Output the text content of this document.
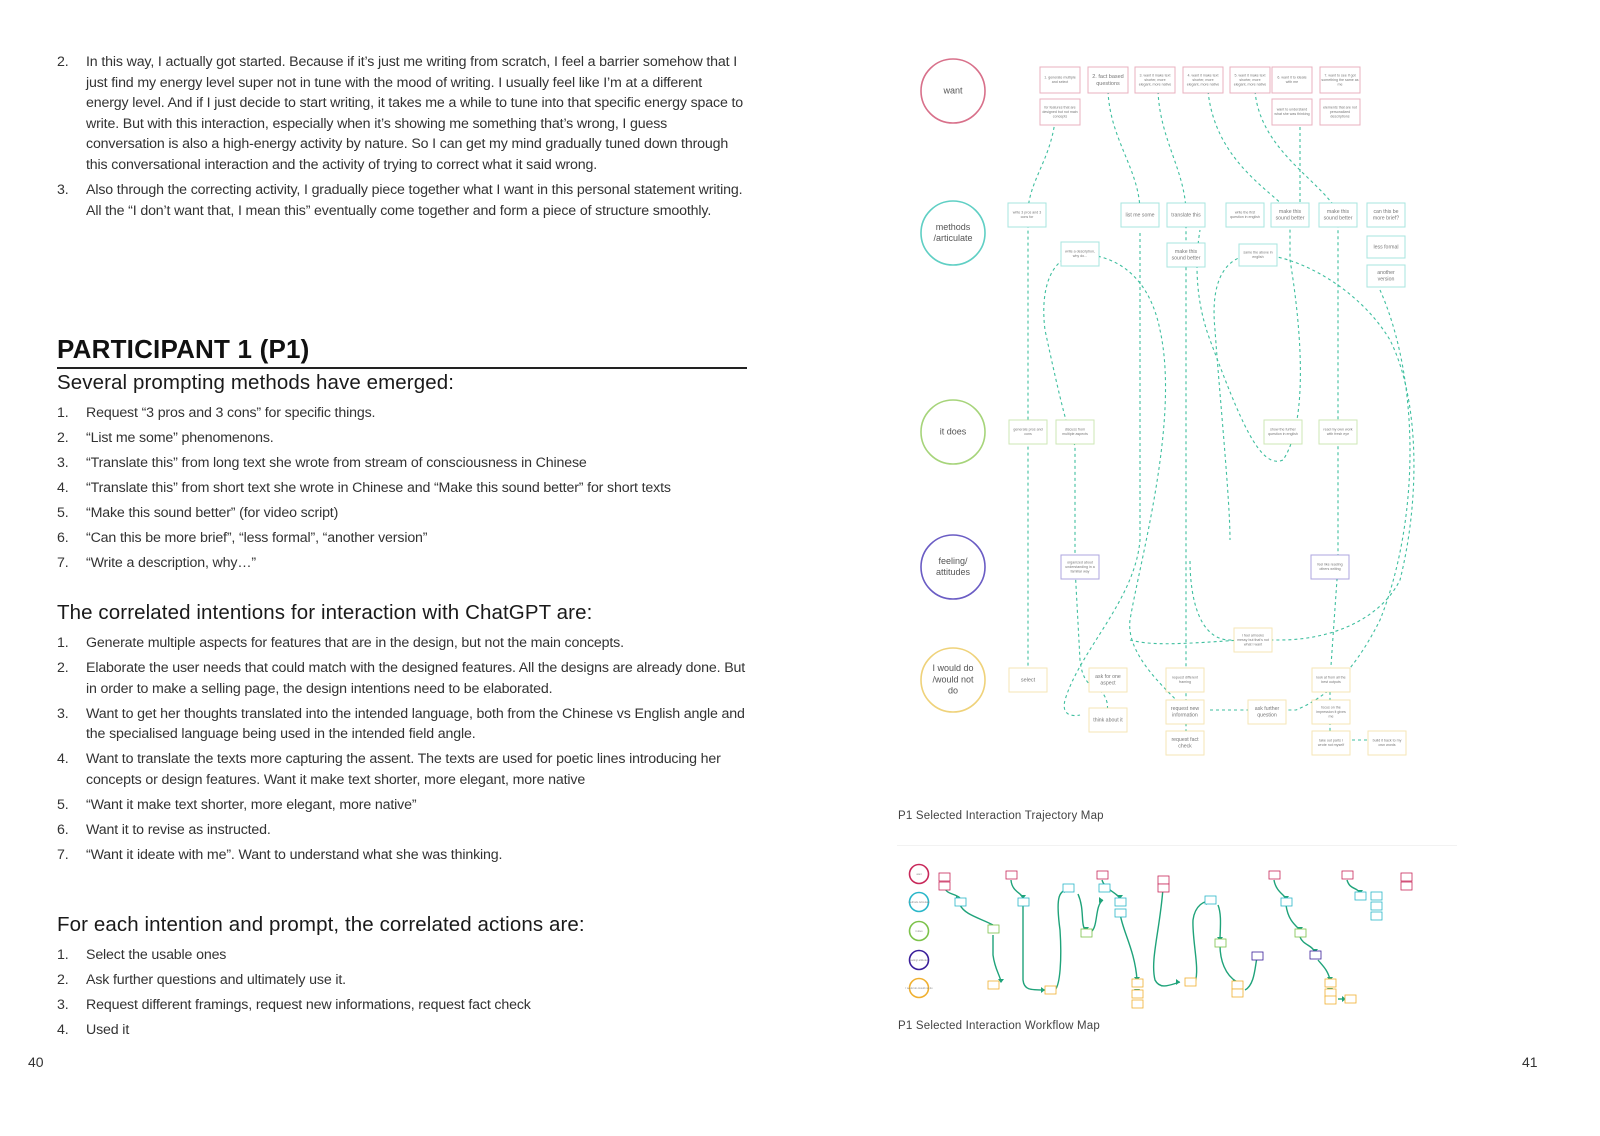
2. In this way, I actually got started. Because if it’s just me writing from scratch, I feel a barrier somehow that I just find my energy level super not in tune with the mood of writing. I usually feel like I’m at a different energy level. And if I just decide to start writing, it takes me a while to tune into that specific energy space to write. But with this interaction, especially when it’s showing me something that’s wrong, I guess conversation is also a high-energy activity by nature. So I can get my mind gradually tuned down through this conversational interaction and the activity of trying to correct what it said wrong.
3. Also through the correcting activity, I gradually piece together what I want in this personal statement writing. All the “I don’t want that, I mean this” eventually come together and form a piece of structure smoothly.
PARTICIPANT 1 (P1)
Several prompting methods have emerged:
1. Request “3 pros and 3 cons” for specific things.
2. “List me some” phenomenons.
3. “Translate this” from long text she wrote from stream of consciousness in Chinese
4. “Translate this” from short text she wrote in Chinese and “Make this sound better” for short texts
5. “Make this sound better” (for video script)
6. “Can this be more brief”, “less formal”, “another version”
7. “Write a description, why…”
The correlated intentions for interaction with ChatGPT are:
1. Generate multiple aspects for features that are in the design, but not the main concepts.
2. Elaborate the user needs that could match with the designed features. All the designs are already done. But in order to make a selling page, the design intentions need to be elaborated.
3. Want to get her thoughts translated into the intended language, both from the Chinese vs English angle and the specialised language being used in the intended field angle.
4. Want to translate the texts more capturing the assent. The texts are used for poetic lines introducing her concepts or design features. Want it make text shorter, more elegant, more native
5. “Want it make text shorter, more elegant, more native”
6. Want it to revise as instructed.
7. “Want it ideate with me”. Want to understand what she was thinking.
For each intention and prompt, the correlated actions are:
1. Select the usable ones
2. Ask further questions and ultimately use it.
3. Request different framings, request new informations, request fact check
4. Used it
40
want
methods
/articulate
it does
feeling/
attitudes
I would do
/would not
do
1. generate multiple
and select
2. fact based
questions
3. want it make text
shorter, more
elegant, more native
4. want it make text
shorter, more
elegant, more native
5. want it make text
shorter, more
elegant, more native
6. want it to ideate
with me
7. want to see if got
something the same as
me
for features that are
designed but not main
concepts
want to understand
what she was thinking
elements that are not
personalized
descriptions
write 3 pros and 3
cons for	list me some	translate this	write the first
question in english
make this
sound better
make this
sound better
can this be
more brief?
write a description,
why do...
make this
sound better
same the above in
english
less formal
another
version
generate pros and
cons
discuss from
multiple aspects
show the further
question in english
read my own work
with fresh eye
organized about
understanding in a
familiar way
feel like reading
others writing
select
ask for one
aspect
think about it
request different
framing
request new
information
request fact
check
ask further
question
look at from all the
best outputs
focus on the
impression it gives
me
take out parts I
wrote not myself
build it back to my
own words
I feel all looks
messy but that's not
what I want
P1 Selected Interaction Trajectory Map
want
methods /articulate
it does
feeling/ attitudes
I would do /would not do
P1 Selected Interaction Workflow Map
41
